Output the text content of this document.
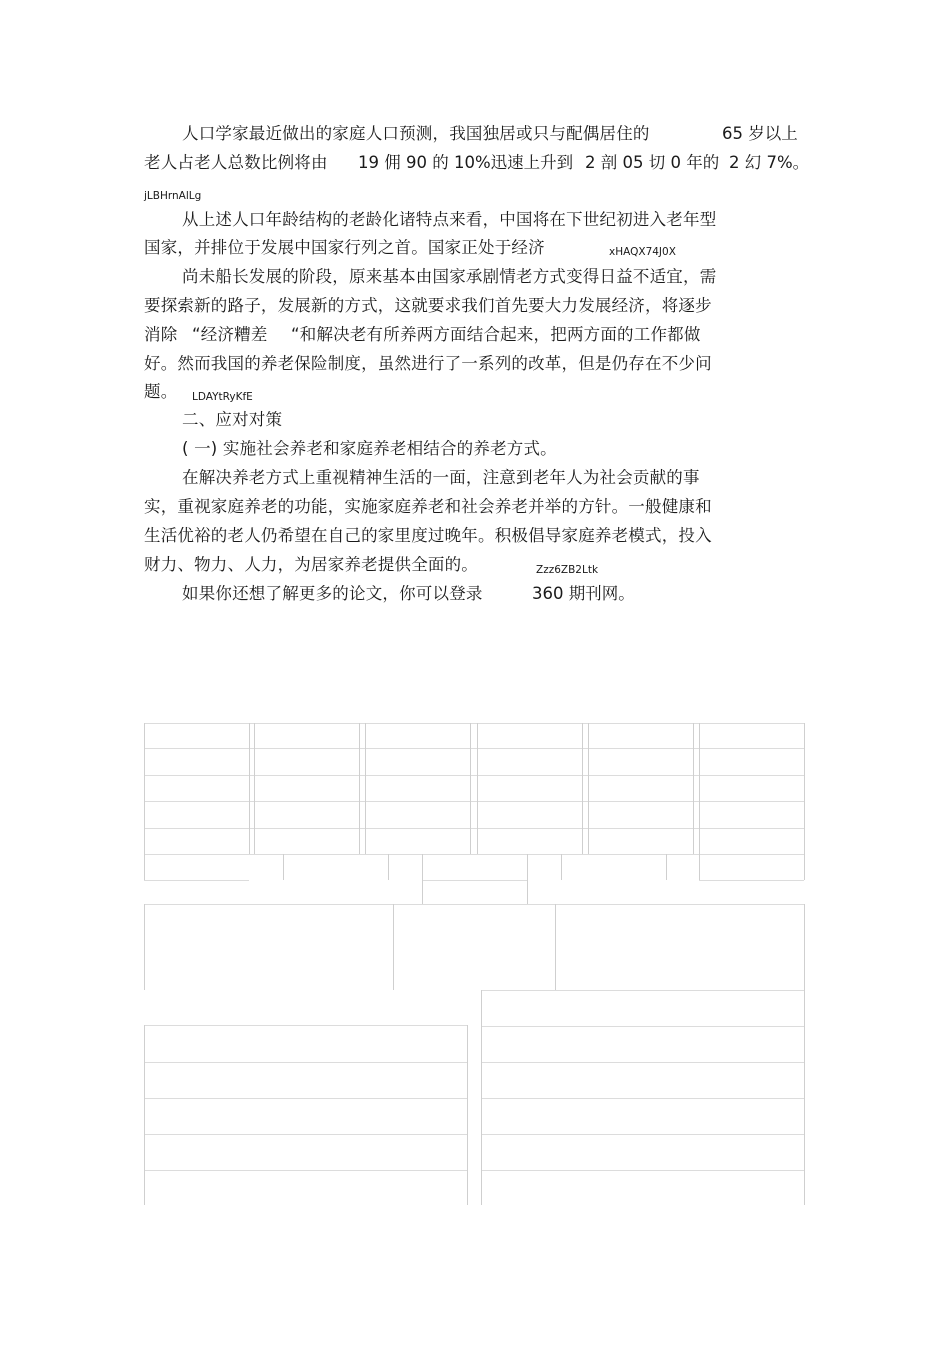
人口学家最近做出的家庭人口预测，我国独居或只与配偶居住的	65 岁以上
老人占老人总数比例将由 19 佣 90 的 10%迅速上升到 2 剖 05 切 0 年的 2 幻 7%。
jLBHrnAlLg
从上述人口年龄结构的老龄化诸特点来看，中国将在下世纪初进入老年型
国家，并排位于发展中国家行列之首。国家正处于经济	xHAQX74J0X
尚未船长发展的阶段，原来基本由国家承剧情老方式变得日益不适宜，需
要探索新的路子，发展新的方式，这就要求我们首先要大力发展经济，将逐步
消除 “经济糟差 “和解决老有所养两方面结合起来，把两方面的工作都做
好。然而我国的养老保险制度，虽然进行了一系列的改革，但是仍存在不少问
题。 LDAYtRyKfE
二、应对对策
( 一) 实施社会养老和家庭养老相结合的养老方式。
在解决养老方式上重视精神生活的一面，注意到老年人为社会贡献的事
实，重视家庭养老的功能，实施家庭养老和社会养老并举的方针。一般健康和
生活优裕的老人仍希望在自己的家里度过晚年。积极倡导家庭养老模式，投入
财力、物力、人力，为居家养老提供全面的。	Zzz6ZB2Ltk
如果你还想了解更多的论文，你可以登录	360 期刊网。
